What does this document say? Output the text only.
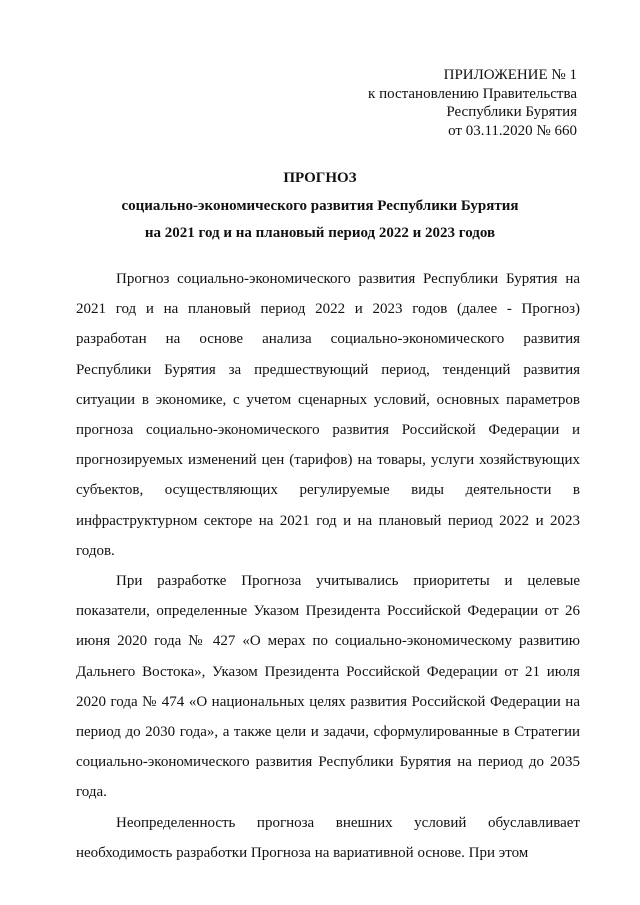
ПРИЛОЖЕНИЕ № 1
к постановлению Правительства
Республики Бурятия
от 03.11.2020 № 660
ПРОГНОЗ
социально-экономического развития Республики Бурятия
на 2021 год и на плановый период 2022 и 2023 годов

Прогноз социально-экономического развития Республики Бурятия на 2021 год и на плановый период 2022 и 2023 годов (далее - Прогноз) разработан на основе анализа социально-экономического развития Республики Бурятия за предшествующий период, тенденций развития ситуации в экономике, с учетом сценарных условий, основных параметров прогноза социально-экономического развития Российской Федерации и прогнозируемых изменений цен (тарифов) на товары, услуги хозяйствующих субъектов, осуществляющих регулируемые виды деятельности в инфраструктурном секторе на 2021 год и на плановый период 2022 и 2023 годов.

При разработке Прогноза учитывались приоритеты и целевые показатели, определенные Указом Президента Российской Федерации от 26 июня 2020 года № 427 «О мерах по социально-экономическому развитию Дальнего Востока», Указом Президента Российской Федерации от 21 июля 2020 года № 474 «О национальных целях развития Российской Федерации на период до 2030 года», а также цели и задачи, сформулированные в Стратегии социально-экономического развития Республики Бурятия на период до 2035 года.

Неопределенность прогноза внешних условий обуславливает необходимость разработки Прогноза на вариативной основе. При этом
